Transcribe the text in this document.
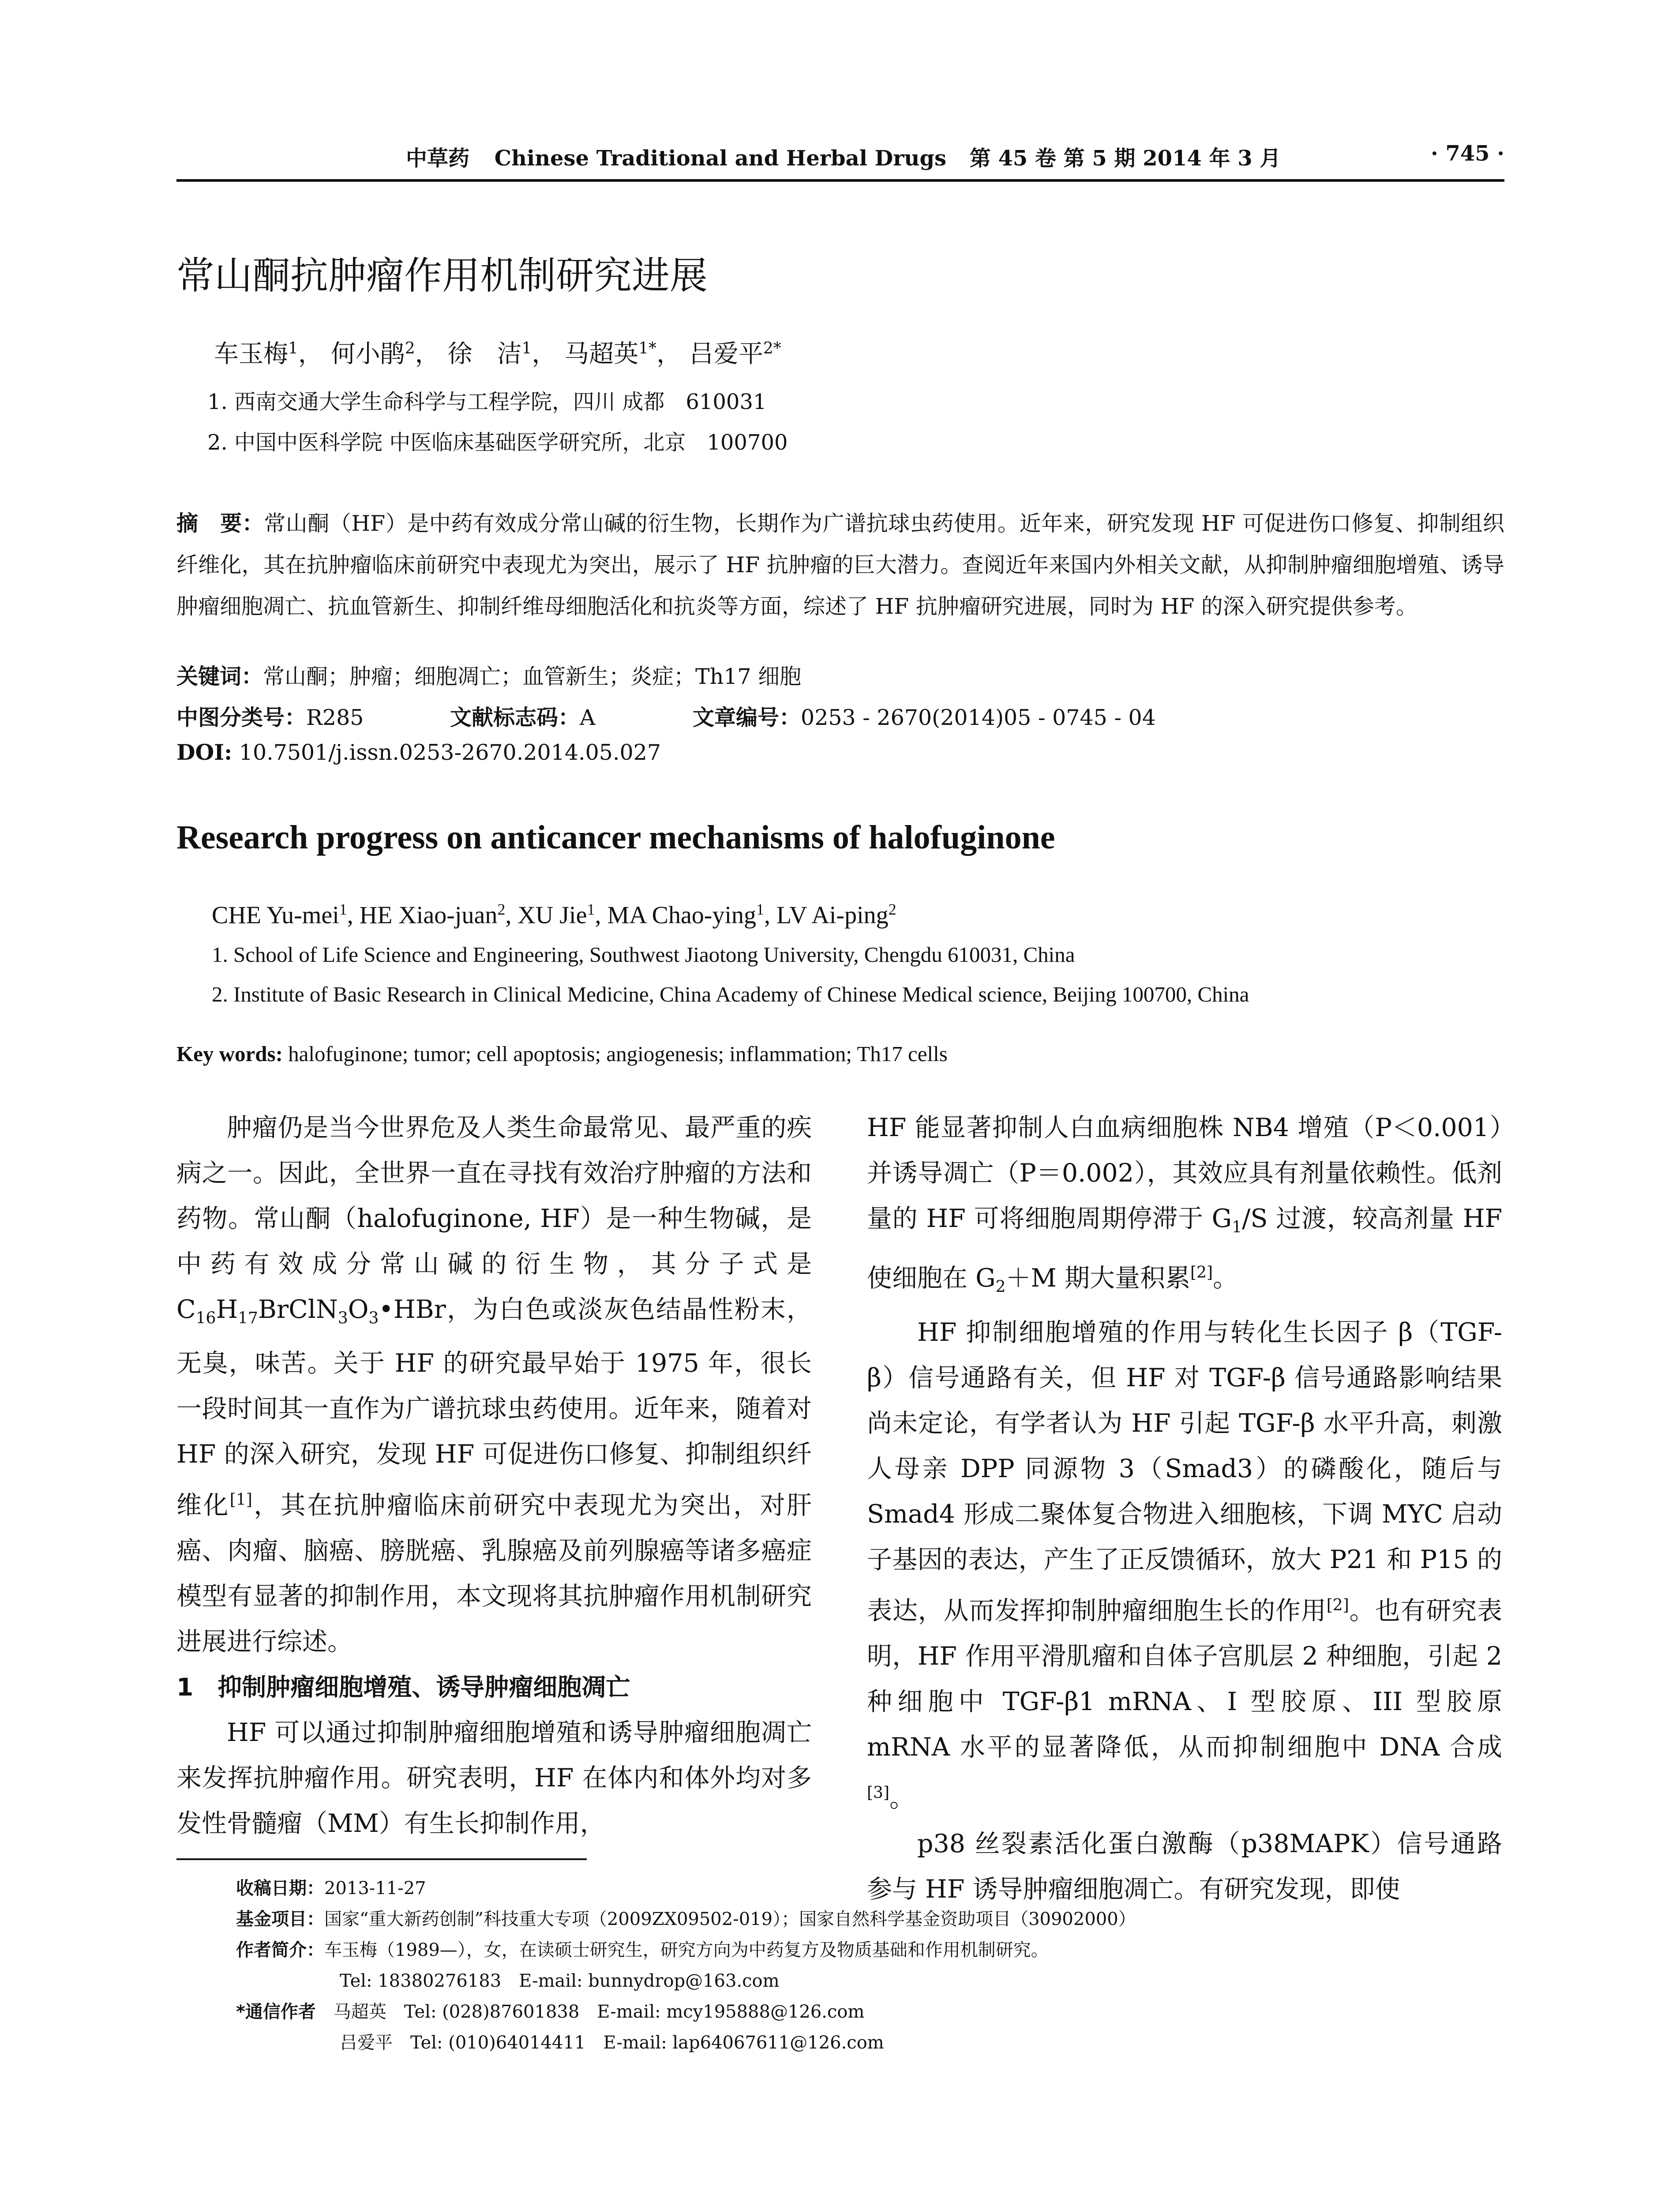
中草药 Chinese Traditional and Herbal Drugs 第 45 卷 第 5 期 2014 年 3 月	· 745 ·
常山酮抗肿瘤作用机制研究进展
车玉梅$^1$， 何小鹃$^2$， 徐　洁$^1$， 马超英$^{1*}$， 吕爱平$^{2*}$
1. 西南交通大学生命科学与工程学院，四川 成都　610031
2. 中国中医科学院 中医临床基础医学研究所，北京　100700
摘　要：常山酮（HF）是中药有效成分常山碱的衍生物，长期作为广谱抗球虫药使用。近年来，研究发现 HF 可促进伤口修复、抑制组织纤维化，其在抗肿瘤临床前研究中表现尤为突出，展示了 HF 抗肿瘤的巨大潜力。查阅近年来国内外相关文献，从抑制肿瘤细胞增殖、诱导肿瘤细胞凋亡、抗血管新生、抑制纤维母细胞活化和抗炎等方面，综述了 HF 抗肿瘤研究进展，同时为 HF 的深入研究提供参考。
关键词：常山酮；肿瘤；细胞凋亡；血管新生；炎症；Th17 细胞
中图分类号：R285	文献标志码：A	文章编号：0253 - 2670(2014)05 - 0745 - 04
DOI: 10.7501/j.issn.0253-2670.2014.05.027
Research progress on anticancer mechanisms of halofuginone
CHE Yu-mei$^1$, HE Xiao-juan$^2$, XU Jie$^1$, MA Chao-ying$^1$, LV Ai-ping$^2$
1. School of Life Science and Engineering, Southwest Jiaotong University, Chengdu 610031, China
2. Institute of Basic Research in Clinical Medicine, China Academy of Chinese Medical science, Beijing 100700, China
Key words: halofuginone; tumor; cell apoptosis; angiogenesis; inflammation; Th17 cells

肿瘤仍是当今世界危及人类生命最常见、最严重的疾病之一。因此，全世界一直在寻找有效治疗肿瘤的方法和药物。常山酮（halofuginone, HF）是一种生物碱，是中药有效成分常山碱的衍生物，其分子式是 $C_{16}H_{17}BrClN_3O_3•HBr$，为白色或淡灰色结晶性粉末，无臭，味苦。关于 HF 的研究最早始于 1975 年，很长一段时间其一直作为广谱抗球虫药使用。近年来，随着对 HF 的深入研究，发现 HF 可促进伤口修复、抑制组织纤维化[1]，其在抗肿瘤临床前研究中表现尤为突出，对肝癌、肉瘤、脑癌、膀胱癌、乳腺癌及前列腺癌等诸多癌症模型有显著的抑制作用，本文现将其抗肿瘤作用机制研究进展进行综述。

1　抑制肿瘤细胞增殖、诱导肿瘤细胞凋亡

HF 可以通过抑制肿瘤细胞增殖和诱导肿瘤细胞凋亡来发挥抗肿瘤作用。研究表明，HF 在体内和体外均对多发性骨髓瘤（MM）有生长抑制作用，

HF 能显著抑制人白血病细胞株 NB4 增殖（P＜0.001）并诱导凋亡（P＝0.002），其效应具有剂量依赖性。低剂量的 HF 可将细胞周期停滞于 $G_1/S$ 过渡，较高剂量 HF 使细胞在 $G_2+M$ 期大量积累[2]。

HF 抑制细胞增殖的作用与转化生长因子 β（TGF-β）信号通路有关，但 HF 对 TGF-β 信号通路影响结果尚未定论，有学者认为 HF 引起 TGF-β 水平升高，刺激人母亲 DPP 同源物 3（Smad3）的磷酸化，随后与 Smad4 形成二聚体复合物进入细胞核，下调 MYC 启动子基因的表达，产生了正反馈循环，放大 P21 和 P15 的表达，从而发挥抑制肿瘤细胞生长的作用[2]。也有研究表明，HF 作用平滑肌瘤和自体子宫肌层 2 种细胞，引起 2 种细胞中 TGF-β1 mRNA、I 型胶原、III 型胶原 mRNA 水平的显著降低，从而抑制细胞中 DNA 合成[3]。

p38 丝裂素活化蛋白激酶（p38MAPK）信号通路参与 HF 诱导肿瘤细胞凋亡。有研究发现，即使

收稿日期：2013-11-27
基金项目：国家“重大新药创制”科技重大专项（2009ZX09502-019）；国家自然科学基金资助项目（30902000）
作者简介：车玉梅（1989—），女，在读硕士研究生，研究方向为中药复方及物质基础和作用机制研究。
Tel: 18380276183　E-mail: bunnydrop@163.com
*通信作者　 马超英　Tel: (028)87601838　E-mail: mcy195888@126.com
吕爱平　Tel: (010)64014411　E-mail: lap64067611@126.com
